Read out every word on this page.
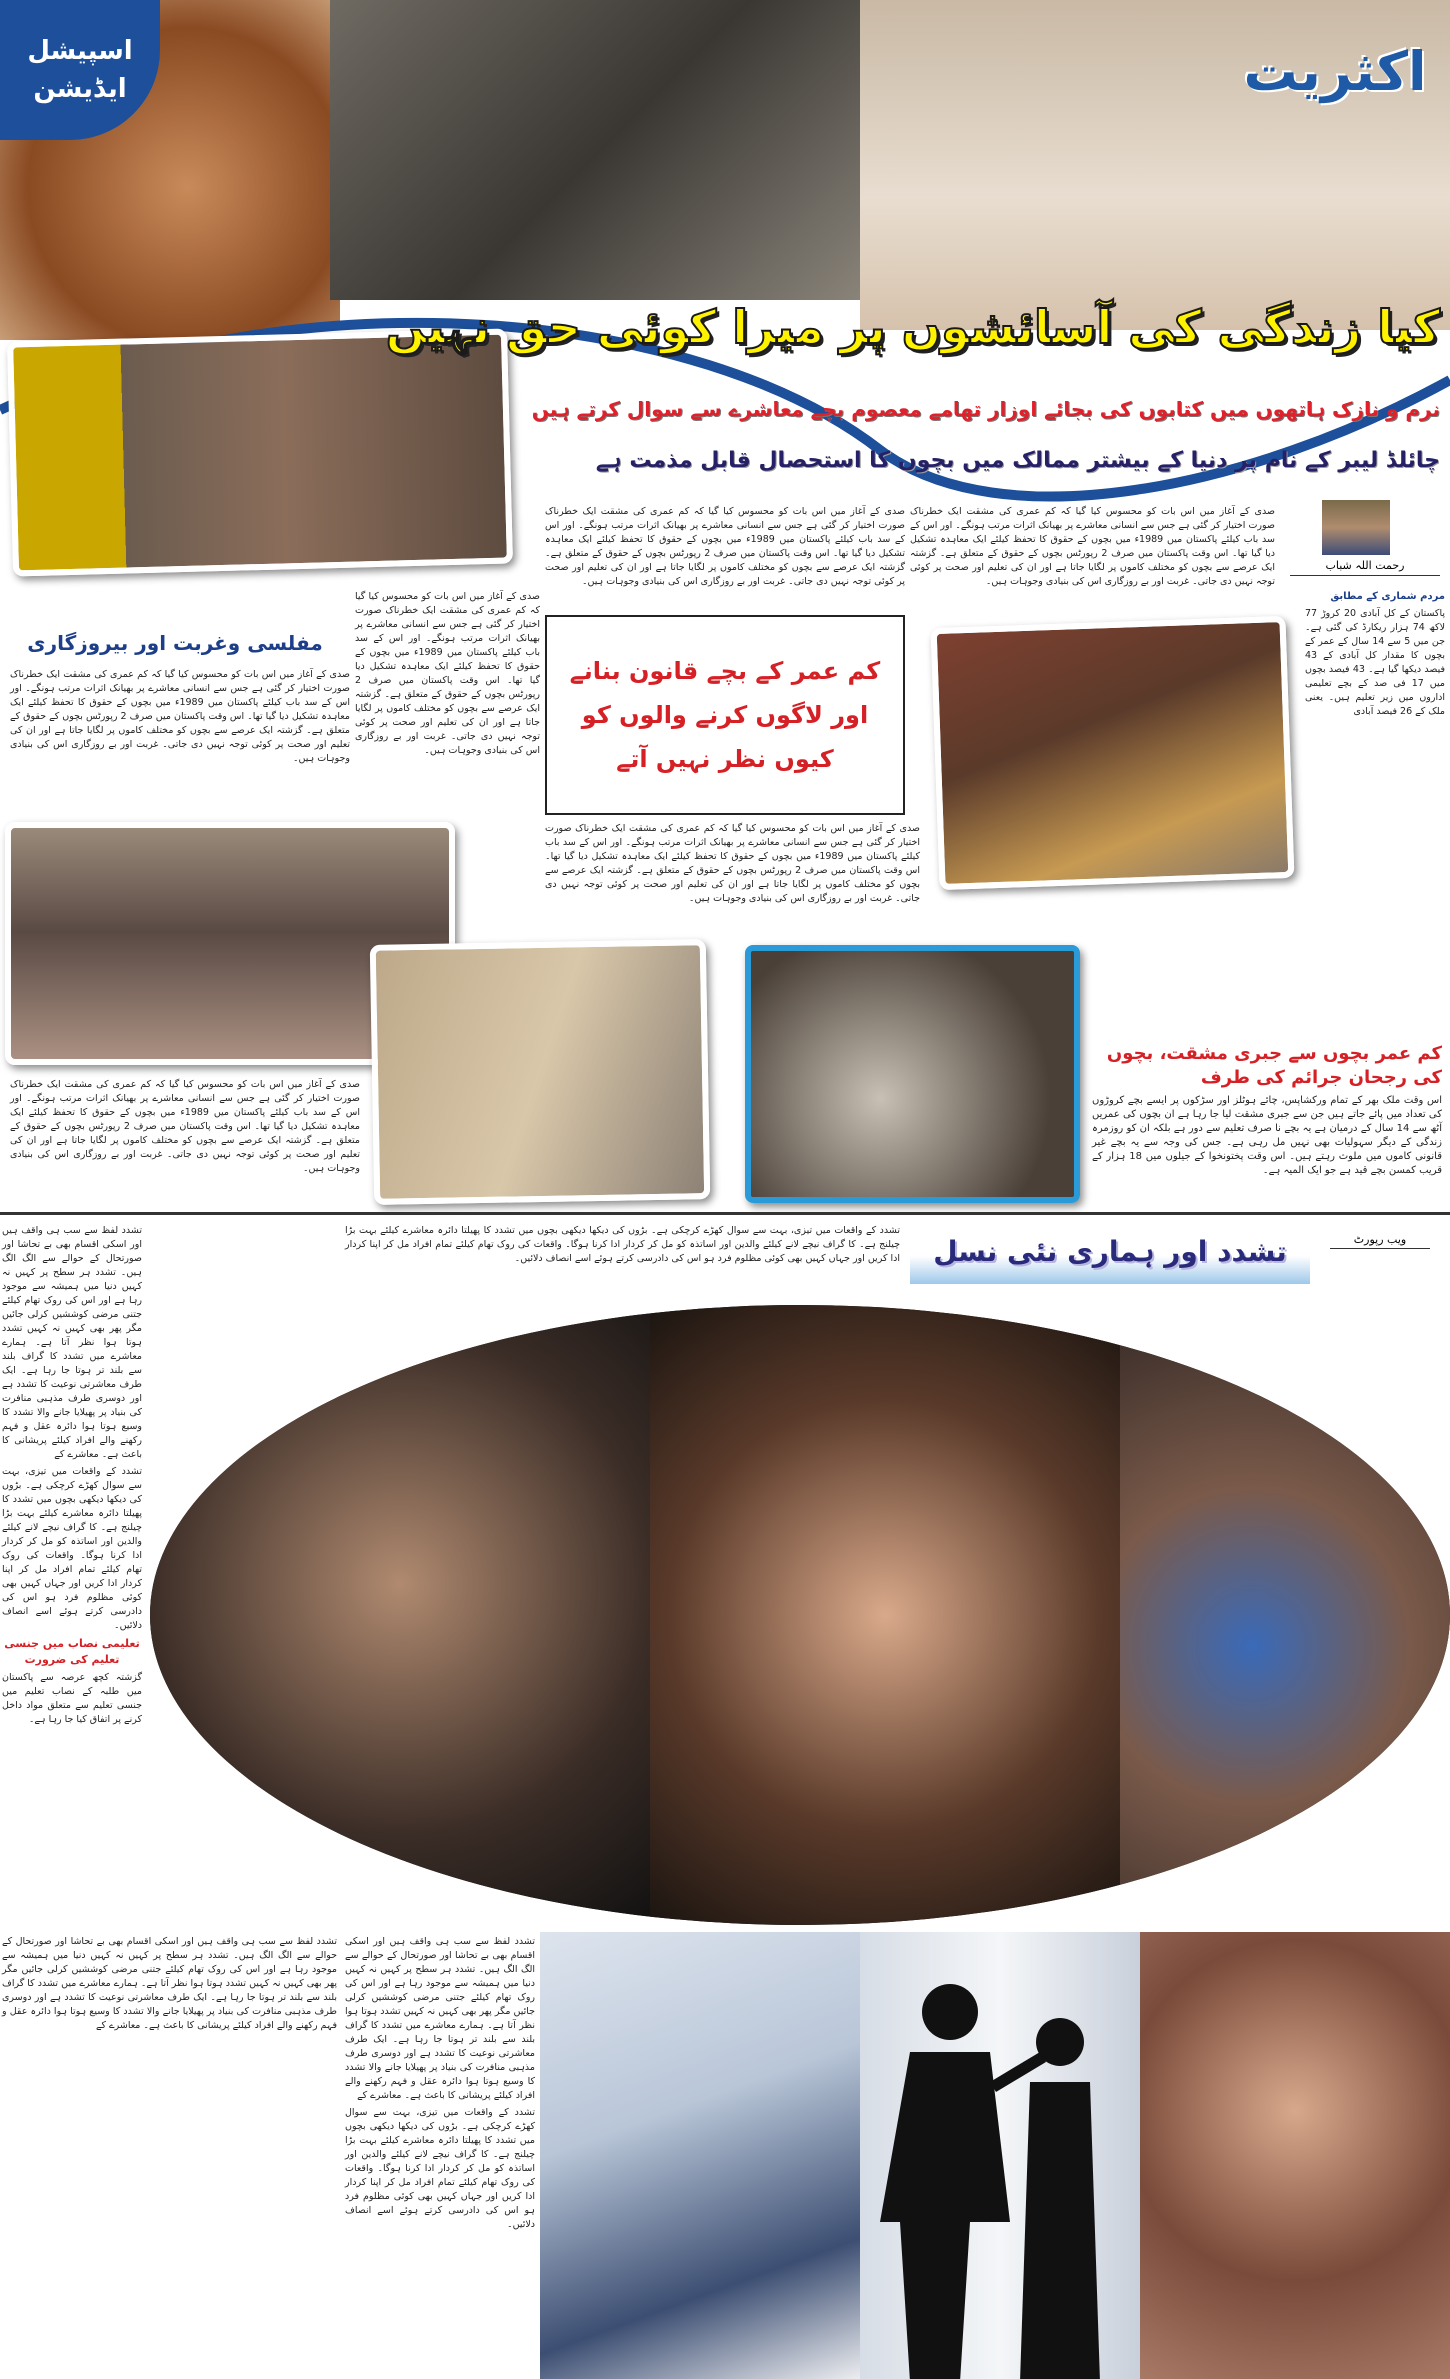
اسپیشل ایڈیشن	اکثریت
کیا زندگی کی آسائشوں پر میرا کوئی حق نہیں
نرم و نازک ہاتھوں میں کتابوں کی بجائے اوزار تھامے معصوم بچے معاشرے سے سوال کرتے ہیں
چائلڈ لیبر کے نام پر دنیا کے بیشتر ممالک میں بچوں کا استحصال قابل مذمت ہے
رحمت اللہ شباب

مردم شماری کے مطابق

پاکستان کے کل آبادی 20 کروڑ 77 لاکھ 74 ہزار ریکارڈ کی گئی ہے۔ جن میں 5 سے 14 سال کے عمر کے بچوں کا مقدار کل آبادی کے 43 فیصد دیکھا گیا ہے۔ 43 فیصد بچوں میں 17 فی صد کے بچے تعلیمی اداروں میں زیر تعلیم ہیں۔ یعنی ملک کے 26 فیصد آبادی

صدی کے آغاز میں اس بات کو محسوس کیا گیا کہ کم عمری کی مشقت ایک خطرناک صورت اختیار کر گئی ہے جس سے انسانی معاشرے پر بھیانک اثرات مرتب ہونگے۔ اور اس کے سد باب کیلئے پاکستان میں 1989ء میں بچوں کے حقوق کا تحفظ کیلئے ایک معاہدہ تشکیل دیا گیا تھا۔ اس وقت پاکستان میں صرف 2 رپورٹس بچوں کے حقوق کے متعلق ہے۔ گزشتہ ایک عرصے سے بچوں کو مختلف کاموں پر لگایا جاتا ہے اور ان کی تعلیم اور صحت پر کوئی توجہ نہیں دی جاتی۔ غربت اور بے روزگاری اس کی بنیادی وجوہات ہیں۔

صدی کے آغاز میں اس بات کو محسوس کیا گیا کہ کم عمری کی مشقت ایک خطرناک صورت اختیار کر گئی ہے جس سے انسانی معاشرے پر بھیانک اثرات مرتب ہونگے۔ اور اس کے سد باب کیلئے پاکستان میں 1989ء میں بچوں کے حقوق کا تحفظ کیلئے ایک معاہدہ تشکیل دیا گیا تھا۔ اس وقت پاکستان میں صرف 2 رپورٹس بچوں کے حقوق کے متعلق ہے۔ گزشتہ ایک عرصے سے بچوں کو مختلف کاموں پر لگایا جاتا ہے اور ان کی تعلیم اور صحت پر کوئی توجہ نہیں دی جاتی۔ غربت اور بے روزگاری اس کی بنیادی وجوہات ہیں۔

صدی کے آغاز میں اس بات کو محسوس کیا گیا کہ کم عمری کی مشقت ایک خطرناک صورت اختیار کر گئی ہے جس سے انسانی معاشرے پر بھیانک اثرات مرتب ہونگے۔ اور اس کے سد باب کیلئے پاکستان میں 1989ء میں بچوں کے حقوق کا تحفظ کیلئے ایک معاہدہ تشکیل دیا گیا تھا۔ اس وقت پاکستان میں صرف 2 رپورٹس بچوں کے حقوق کے متعلق ہے۔ گزشتہ ایک عرصے سے بچوں کو مختلف کاموں پر لگایا جاتا ہے اور ان کی تعلیم اور صحت پر کوئی توجہ نہیں دی جاتی۔ غربت اور بے روزگاری اس کی بنیادی وجوہات ہیں۔

صدی کے آغاز میں اس بات کو محسوس کیا گیا کہ کم عمری کی مشقت ایک خطرناک صورت اختیار کر گئی ہے جس سے انسانی معاشرے پر بھیانک اثرات مرتب ہونگے۔ اور اس کے سد باب کیلئے پاکستان میں 1989ء میں بچوں کے حقوق کا تحفظ کیلئے ایک معاہدہ تشکیل دیا گیا تھا۔ اس وقت پاکستان میں صرف 2 رپورٹس بچوں کے حقوق کے متعلق ہے۔ گزشتہ ایک عرصے سے بچوں کو مختلف کاموں پر لگایا جاتا ہے اور ان کی تعلیم اور صحت پر کوئی توجہ نہیں دی جاتی۔ غربت اور بے روزگاری اس کی بنیادی وجوہات ہیں۔

صدی کے آغاز میں اس بات کو محسوس کیا گیا کہ کم عمری کی مشقت ایک خطرناک صورت اختیار کر گئی ہے جس سے انسانی معاشرے پر بھیانک اثرات مرتب ہونگے۔ اور اس کے سد باب کیلئے پاکستان میں 1989ء میں بچوں کے حقوق کا تحفظ کیلئے ایک معاہدہ تشکیل دیا گیا تھا۔ اس وقت پاکستان میں صرف 2 رپورٹس بچوں کے حقوق کے متعلق ہے۔ گزشتہ ایک عرصے سے بچوں کو مختلف کاموں پر لگایا جاتا ہے اور ان کی تعلیم اور صحت پر کوئی توجہ نہیں دی جاتی۔ غربت اور بے روزگاری اس کی بنیادی وجوہات ہیں۔

صدی کے آغاز میں اس بات کو محسوس کیا گیا کہ کم عمری کی مشقت ایک خطرناک صورت اختیار کر گئی ہے جس سے انسانی معاشرے پر بھیانک اثرات مرتب ہونگے۔ اور اس کے سد باب کیلئے پاکستان میں 1989ء میں بچوں کے حقوق کا تحفظ کیلئے ایک معاہدہ تشکیل دیا گیا تھا۔ اس وقت پاکستان میں صرف 2 رپورٹس بچوں کے حقوق کے متعلق ہے۔ گزشتہ ایک عرصے سے بچوں کو مختلف کاموں پر لگایا جاتا ہے اور ان کی تعلیم اور صحت پر کوئی توجہ نہیں دی جاتی۔ غربت اور بے روزگاری اس کی بنیادی وجوہات ہیں۔

مفلسی وغربت اور بیروزگاری
کم عمر کے بچے قانون بنانے اور لاگوں کرنے والوں کو کیوں نظر نہیں آتے
کم عمر بچوں سے جبری مشقت، بچوں کی رجحان جرائم کی طرف
اس وقت ملک بھر کے تمام ورکشاپس، چائے ہوٹلز اور سڑکوں پر ایسے بچے کروڑوں کی تعداد میں پائے جاتے ہیں جن سے جبری مشقت لیا جا رہا ہے ان بچوں کی عمریں آٹھ سے 14 سال کے درمیان ہے یہ بچے نا صرف تعلیم سے دور ہے بلکہ ان کو روزمرہ زندگی کے دیگر سہولیات بھی نہیں مل رہی ہے۔ جس کی وجہ سے یہ بچے غیر قانونی کاموں میں ملوث رہتے ہیں۔ اس وقت پختونخوا کے جیلوں میں 18 ہزار کے قریب کمسن بچے قید ہے جو ایک المیہ ہے۔
تشدد اور ہماری نئی نسل	ویب رپورٹ

تشدد کے واقعات میں تیزی، بہت سے سوال کھڑے کرچکی ہے۔ بڑوں کی دیکھا دیکھی بچوں میں تشدد کا پھیلتا دائرہ معاشرے کیلئے بہت بڑا چیلنج ہے۔ کا گراف نیچے لانے کیلئے والدین اور اساتذہ کو مل کر کردار ادا کرنا ہوگا۔ واقعات کی روک تھام کیلئے تمام افراد مل کر اپنا کردار ادا کریں اور جہاں کہیں بھی کوئی مظلوم فرد ہو اس کی دادرسی کرتے ہوئے اسے انصاف دلائیں۔

تشدد لفظ سے سب ہی واقف ہیں اور اسکی اقسام بھی بے تحاشا اور صورتحال کے حوالے سے الگ الگ ہیں۔ تشدد ہر سطح پر کہیں نہ کہیں دنیا میں ہمیشہ سے موجود رہا ہے اور اس کی روک تھام کیلئے جتنی مرضی کوششیں کرلی جائیں مگر پھر بھی کہیں نہ کہیں تشدد ہوتا ہوا نظر آتا ہے۔ ہمارے معاشرے میں تشدد کا گراف بلند سے بلند تر ہوتا جا رہا ہے۔ ایک طرف معاشرتی نوعیت کا تشدد ہے اور دوسری طرف مذہبی منافرت کی بنیاد پر پھیلایا جانے والا تشدد کا وسیع ہوتا ہوا دائرہ عقل و فہم رکھنے والے افراد کیلئے پریشانی کا باعث ہے۔ معاشرے کے

تشدد کے واقعات میں تیزی، بہت سے سوال کھڑے کرچکی ہے۔ بڑوں کی دیکھا دیکھی بچوں میں تشدد کا پھیلتا دائرہ معاشرے کیلئے بہت بڑا چیلنج ہے۔ کا گراف نیچے لانے کیلئے والدین اور اساتذہ کو مل کر کردار ادا کرنا ہوگا۔ واقعات کی روک تھام کیلئے تمام افراد مل کر اپنا کردار ادا کریں اور جہاں کہیں بھی کوئی مظلوم فرد ہو اس کی دادرسی کرتے ہوئے اسے انصاف دلائیں۔

تعلیمی نصاب میں جنسی تعلیم کی ضرورت

گزشتہ کچھ عرصہ سے پاکستان میں طلبہ کے نصاب تعلیم میں جنسی تعلیم سے متعلق مواد داخل کرنے پر اتفاق کیا جا رہا ہے۔

تشدد لفظ سے سب ہی واقف ہیں اور اسکی اقسام بھی بے تحاشا اور صورتحال کے حوالے سے الگ الگ ہیں۔ تشدد ہر سطح پر کہیں نہ کہیں دنیا میں ہمیشہ سے موجود رہا ہے اور اس کی روک تھام کیلئے جتنی مرضی کوششیں کرلی جائیں مگر پھر بھی کہیں نہ کہیں تشدد ہوتا ہوا نظر آتا ہے۔ ہمارے معاشرے میں تشدد کا گراف بلند سے بلند تر ہوتا جا رہا ہے۔ ایک طرف معاشرتی نوعیت کا تشدد ہے اور دوسری طرف مذہبی منافرت کی بنیاد پر پھیلایا جانے والا تشدد کا وسیع ہوتا ہوا دائرہ عقل و فہم رکھنے والے افراد کیلئے پریشانی کا باعث ہے۔ معاشرے کے

تشدد لفظ سے سب ہی واقف ہیں اور اسکی اقسام بھی بے تحاشا اور صورتحال کے حوالے سے الگ الگ ہیں۔ تشدد ہر سطح پر کہیں نہ کہیں دنیا میں ہمیشہ سے موجود رہا ہے اور اس کی روک تھام کیلئے جتنی مرضی کوششیں کرلی جائیں مگر پھر بھی کہیں نہ کہیں تشدد ہوتا ہوا نظر آتا ہے۔ ہمارے معاشرے میں تشدد کا گراف بلند سے بلند تر ہوتا جا رہا ہے۔ ایک طرف معاشرتی نوعیت کا تشدد ہے اور دوسری طرف مذہبی منافرت کی بنیاد پر پھیلایا جانے والا تشدد کا وسیع ہوتا ہوا دائرہ عقل و فہم رکھنے والے افراد کیلئے پریشانی کا باعث ہے۔ معاشرے کے

تشدد کے واقعات میں تیزی، بہت سے سوال کھڑے کرچکی ہے۔ بڑوں کی دیکھا دیکھی بچوں میں تشدد کا پھیلتا دائرہ معاشرے کیلئے بہت بڑا چیلنج ہے۔ کا گراف نیچے لانے کیلئے والدین اور اساتذہ کو مل کر کردار ادا کرنا ہوگا۔ واقعات کی روک تھام کیلئے تمام افراد مل کر اپنا کردار ادا کریں اور جہاں کہیں بھی کوئی مظلوم فرد ہو اس کی دادرسی کرتے ہوئے اسے انصاف دلائیں۔
